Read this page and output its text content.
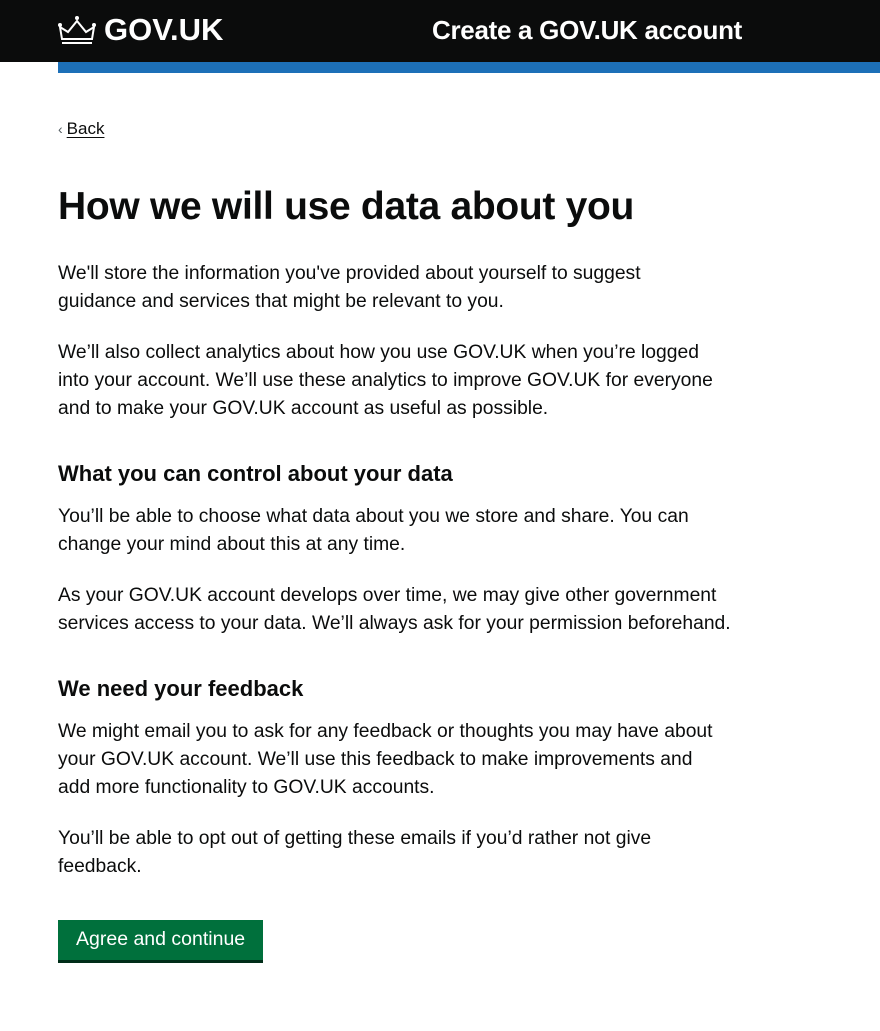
GOV.UK	Create a GOV.UK account
‹ Back
How we will use data about you

We'll store the information you've provided about yourself to suggest
guidance and services that might be relevant to you.

We’ll also collect analytics about how you use GOV.UK when you’re logged
into your account. We’ll use these analytics to improve GOV.UK for everyone
and to make your GOV.UK account as useful as possible.

What you can control about your data

You’ll be able to choose what data about you we store and share. You can
change your mind about this at any time.

As your GOV.UK account develops over time, we may give other government
services access to your data. We’ll always ask for your permission beforehand.

We need your feedback

We might email you to ask for any feedback or thoughts you may have about
your GOV.UK account. We’ll use this feedback to make improvements and
add more functionality to GOV.UK accounts.

You’ll be able to opt out of getting these emails if you’d rather not give
feedback.

Agree and continue
